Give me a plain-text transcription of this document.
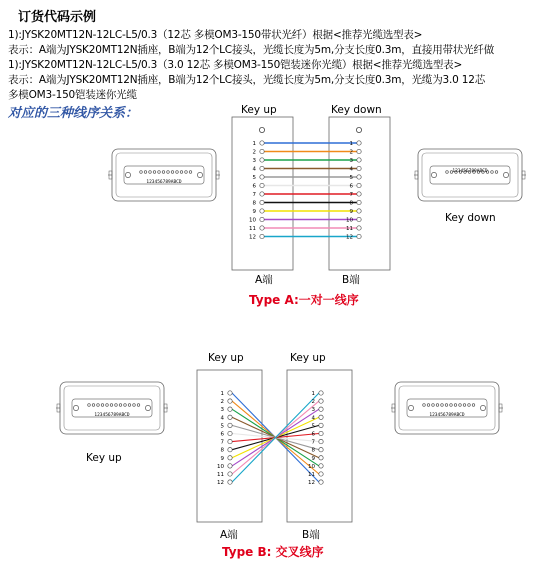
订货代码示例
1):JYSK20MT12N-12LC-L5/0.3（12芯 多模OM3-150带状光纤）根据<推荐光缆选型表>
表示：A端为JYSK20MT12N插座，B端为12个LC接头，光缆长度为5m,分支长度0.3m，直接用带状光纤做
1):JYSK20MT12N-12LC-L5/0.3（3.0 12芯 多模OM3-150铠装迷你光缆）根据<推荐光缆选型表>
表示：A端为JYSK20MT12N插座，B端为12个LC接头，光缆长度为5m,分支长度0.3m，光缆为3.0 12芯
多模OM3-150铠装迷你光缆
对应的三种线序关系：
123456789ABCD
123456789ABCD
1	1
2	2
3	3
4	4
5	5
6	6
7	7
8	8
9	9
10	10
11	11
12	12
123456789ABCD	123456789ABCD
1	1
2	2
3	3
4	4
5	5
6	6
7	7
8	8
9	9
10	10
11	11
12	12
Key up	Key down
Key down
A端	B端
Type A:一对一线序
Key up	Key up
Key up
A端	B端
Type B: 交叉线序
